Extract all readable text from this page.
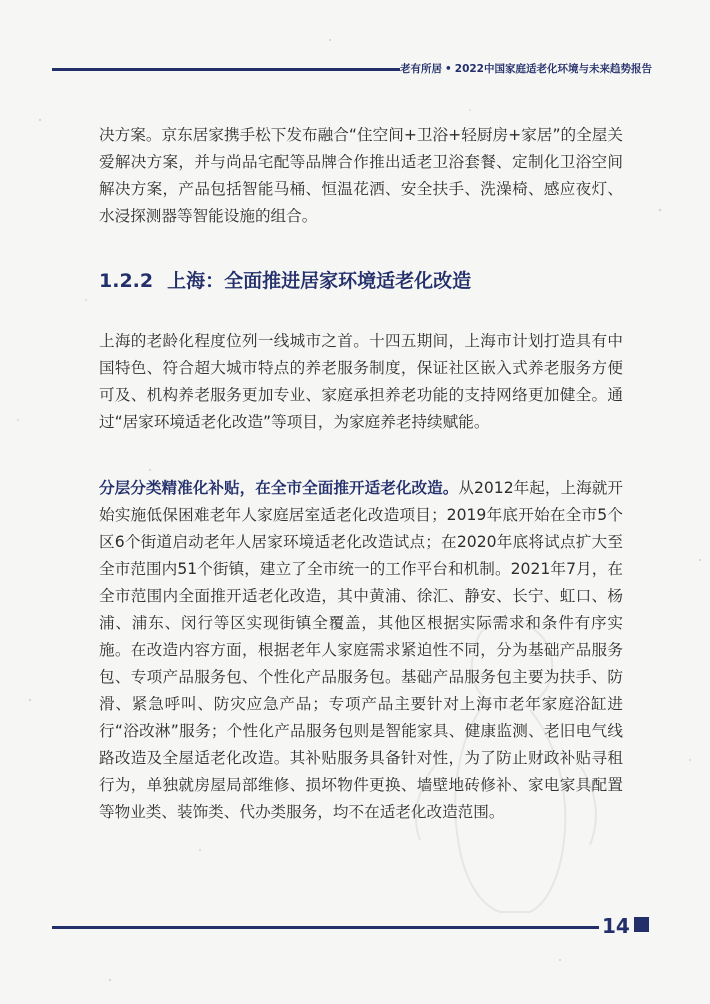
老有所居 • 2022中国家庭适老化环境与未来趋势报告

决方案。京东居家携手松下发布融合“住空间+卫浴+轻厨房+家居”的全屋关爱解决方案，并与尚品宅配等品牌合作推出适老卫浴套餐、定制化卫浴空间解决方案，产品包括智能马桶、恒温花洒、安全扶手、洗澡椅、感应夜灯、水浸探测器等智能设施的组合。

1.2.2 上海：全面推进居家环境适老化改造

上海的老龄化程度位列一线城市之首。十四五期间，上海市计划打造具有中国特色、符合超大城市特点的养老服务制度，保证社区嵌入式养老服务方便可及、机构养老服务更加专业、家庭承担养老功能的支持网络更加健全。通过“居家环境适老化改造”等项目，为家庭养老持续赋能。

分层分类精准化补贴，在全市全面推开适老化改造。从2012年起，上海就开始实施低保困难老年人家庭居室适老化改造项目；2019年底开始在全市5个区6个街道启动老年人居家环境适老化改造试点；在2020年底将试点扩大至全市范围内51个街镇，建立了全市统一的工作平台和机制。2021年7月，在全市范围内全面推开适老化改造，其中黄浦、徐汇、静安、长宁、虹口、杨浦、浦东、闵行等区实现街镇全覆盖，其他区根据实际需求和条件有序实施。在改造内容方面，根据老年人家庭需求紧迫性不同，分为基础产品服务包、专项产品服务包、个性化产品服务包。基础产品服务包主要为扶手、防滑、紧急呼叫、防灾应急产品；专项产品主要针对上海市老年家庭浴缸进行“浴改淋”服务；个性化产品服务包则是智能家具、健康监测、老旧电气线路改造及全屋适老化改造。其补贴服务具备针对性，为了防止财政补贴寻租行为，单独就房屋局部维修、损坏物件更换、墙壁地砖修补、家电家具配置等物业类、装饰类、代办类服务，均不在适老化改造范围。

14
